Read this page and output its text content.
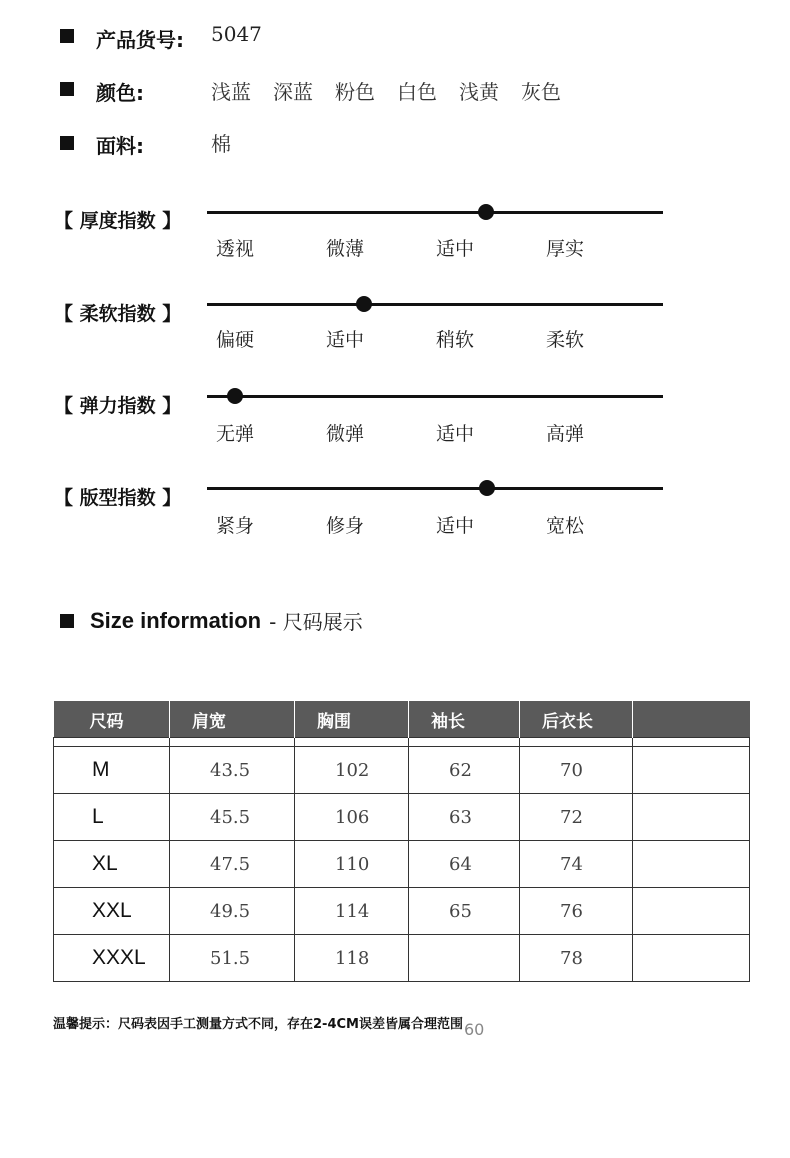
产品货号: 5047
颜色:	浅蓝 深蓝 粉色 白色 浅黄 灰色
面料:	棉
【 厚度指数 】
透视	微薄	适中	厚实
【 柔软指数 】
偏硬	适中	稍软	柔软
【 弹力指数 】
无弹	微弹	适中	高弹
【 版型指数 】
紧身	修身	适中	宽松
Size information - 尺码展示
尺码	肩宽	胸围	袖长	后衣长	

M	43.5	102	62	70	
L	45.5	106	63	72	
XL	47.5	110	64	74	
XXL	49.5	114	65	76	
XXXL	51.5	118		78	
温馨提示：尺码表因手工测量方式不同，存在2-4CM误差皆属合理范围 60
